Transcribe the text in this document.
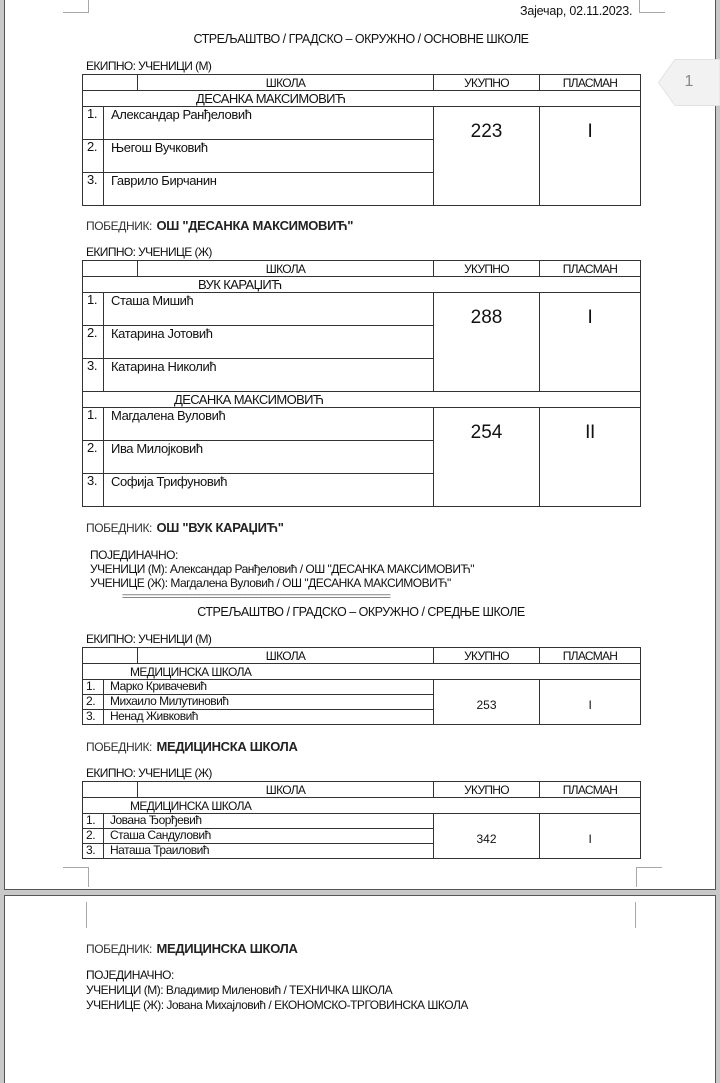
Зајечар, 02.11.2023.
СТРЕЉАШТВО / ГРАДСКО – ОКРУЖНО / ОСНОВНЕ ШКОЛЕ
ЕКИПНО: УЧЕНИЦИ (М)
		ШКОЛА	УКУПНО	ПЛАСМАН
ДЕСАНКА МАКСИМОВИЋ				
1.	Александар Ранђеловић		223	I
2.	Његош Вучковић			
3.	Гаврило Бирчанин			
ПОБЕДНИК: ОШ "ДЕСАНКА МАКСИМОВИЋ"
ЕКИПНО: УЧЕНИЦЕ (Ж)
		ШКОЛА	УКУПНО	ПЛАСМАН
ВУК КАРАЏИЋ				
1.	Сташа Мишић		288	I
2.	Катарина Јотовић			
3.	Катарина Николић			
ДЕСАНКА МАКСИМОВИЋ				
1.	Магдалена Вуловић		254	II
2.	Ива Милојковић			
3.	Софија Трифуновић			
ПОБЕДНИК: ОШ "ВУК КАРАЏИЋ"
ПОЈЕДИНАЧНО:
УЧЕНИЦИ (М): Александар Ранђеловић / ОШ "ДЕСАНКА МАКСИМОВИЋ"
УЧЕНИЦЕ (Ж): Магдалена Вуловић / ОШ "ДЕСАНКА МАКСИМОВИЋ"
==================================================================
СТРЕЉАШТВО / ГРАДСКО – ОКРУЖНО / СРЕДЊЕ ШКОЛЕ
ЕКИПНО: УЧЕНИЦИ (М)
		ШКОЛА	УКУПНО	ПЛАСМАН
МЕДИЦИНСКА ШКОЛА				
1.	Марко Кривачевић		253	I
2.	Михаило Милутиновић			
3.	Ненад Живковић			
ПОБЕДНИК: МЕДИЦИНСКА ШКОЛА
ЕКИПНО: УЧЕНИЦЕ (Ж)
		ШКОЛА	УКУПНО	ПЛАСМАН
МЕДИЦИНСКА ШКОЛА				
1.	Јована Ђорђевић		342	I
2.	Сташа Сандуловић			
3.	Наташа Траиловић			
ПОБЕДНИК: МЕДИЦИНСКА ШКОЛА
ПОЈЕДИНАЧНО:
УЧЕНИЦИ (М): Владимир Миленовић / ТЕХНИЧКА ШКОЛА
УЧЕНИЦЕ (Ж): Јована Михајловић / ЕКОНОМСКО-ТРГОВИНСКА ШКОЛА
1
